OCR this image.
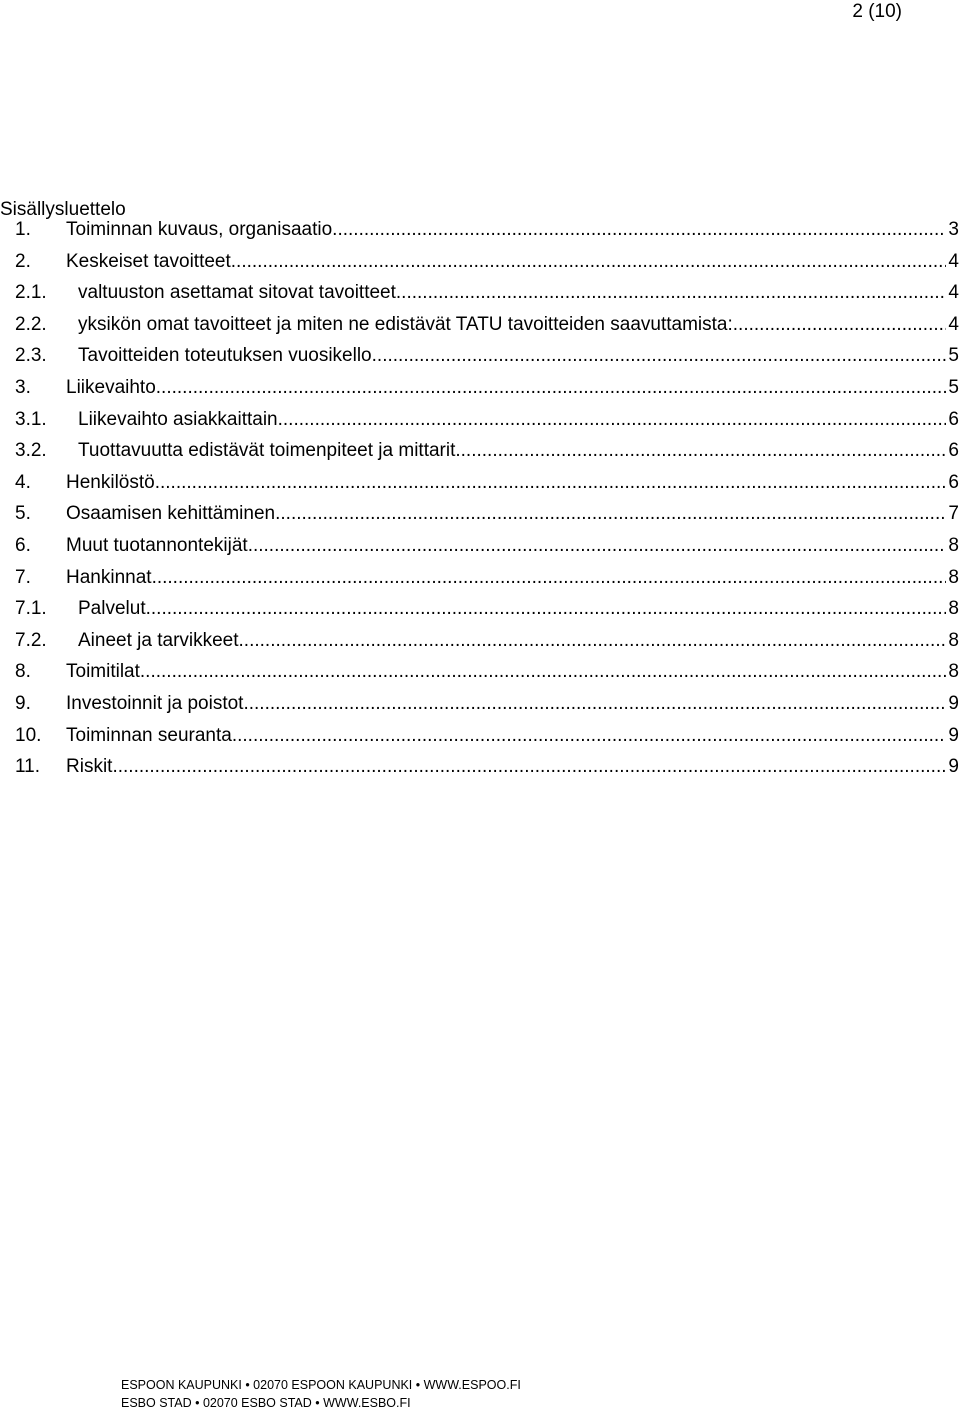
2 (10)
Sisällysluettelo
1.	Toiminnan kuvaus, organisaatio .....	3
2.	Keskeiset tavoitteet. .....	4
2.1.	valtuuston asettamat sitovat tavoitteet .....	4
2.2.	yksikön omat tavoitteet ja miten ne edistävät TATU tavoitteiden saavuttamista: .....	4
2.3.	Tavoitteiden toteutuksen vuosikello .....	5
3.	Liikevaihto .....	5
3.1.	Liikevaihto asiakkaittain .....	6
3.2.	Tuottavuutta edistävät toimenpiteet ja mittarit .....	6
4.	Henkilöstö .....	6
5.	Osaamisen kehittäminen .....	7
6.	Muut tuotannontekijät .....	8
7.	Hankinnat .....	8
7.1.	Palvelut .....	8
7.2.	Aineet ja tarvikkeet .....	8
8.	Toimitilat .....	8
9.	Investoinnit ja poistot .....	9
10.	Toiminnan seuranta .....	9
11.	Riskit .....	9
ESPOON KAUPUNKI • 02070 ESPOON KAUPUNKI • WWW.ESPOO.FI
ESBO STAD • 02070 ESBO STAD • WWW.ESBO.FI
